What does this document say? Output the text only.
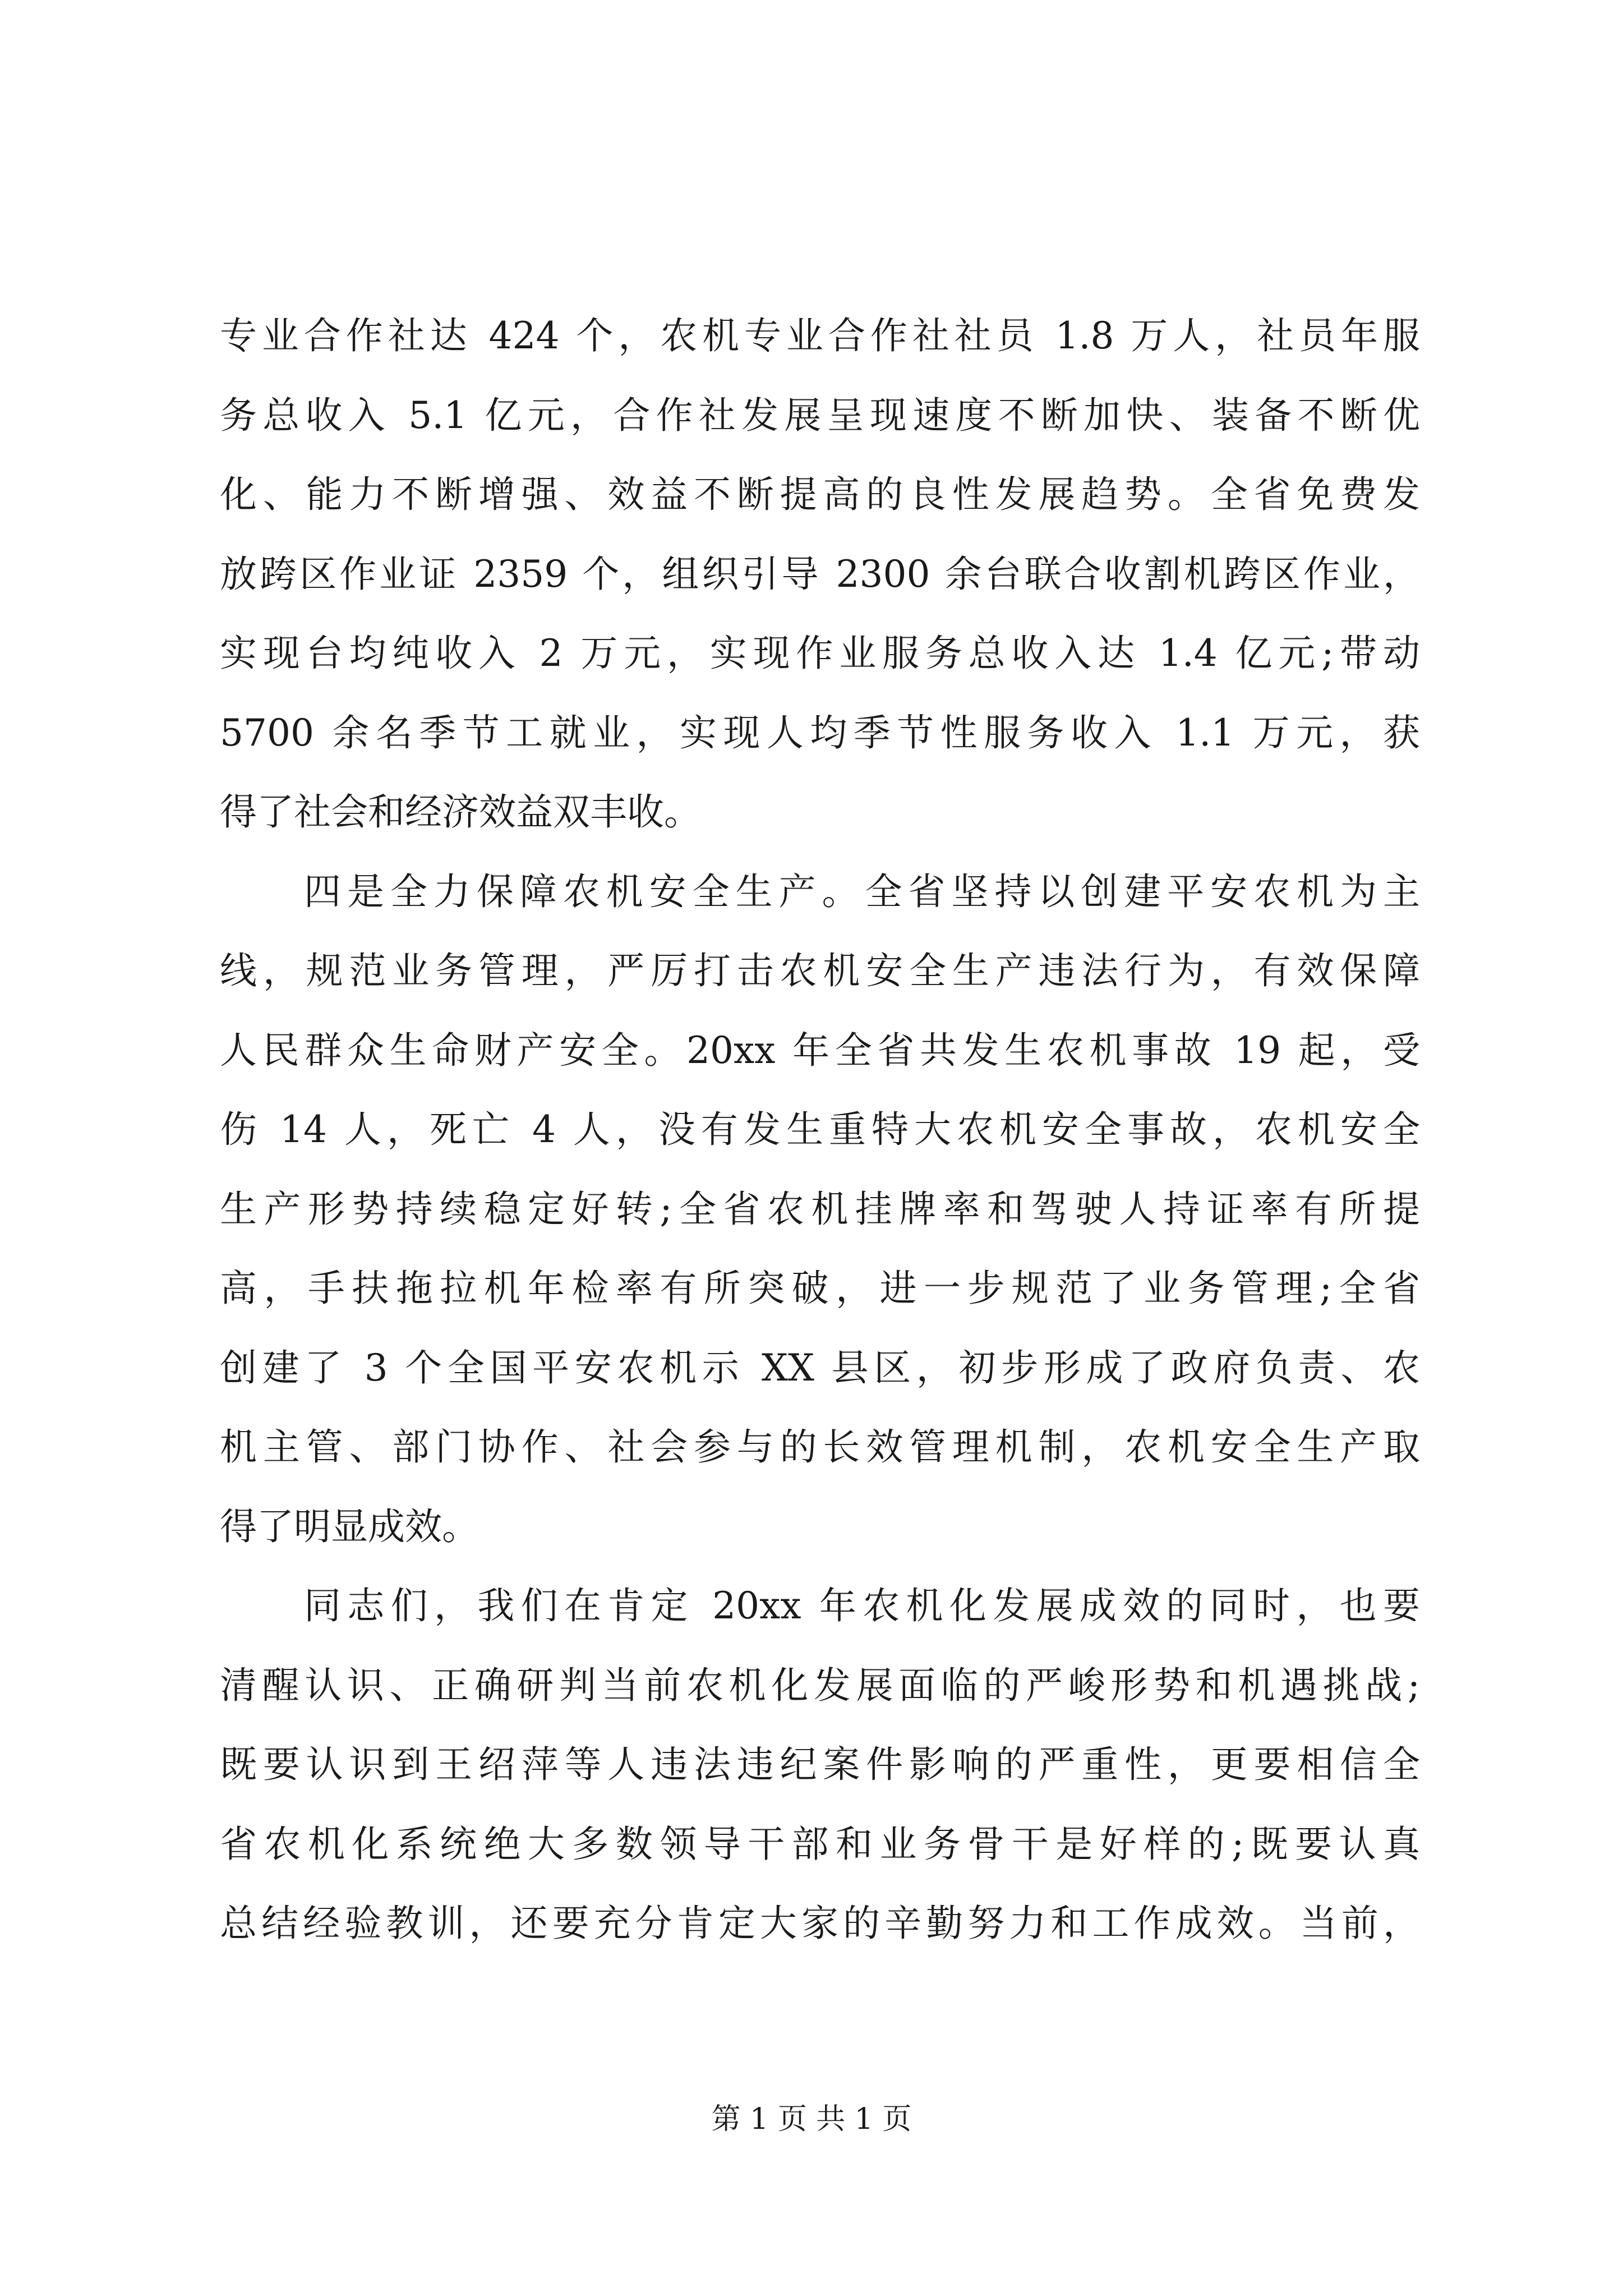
专业合作社达 424 个，农机专业合作社社员 1.8 万人，社员年服
务总收入 5.1 亿元，合作社发展呈现速度不断加快、装备不断优
化、能力不断增强、效益不断提高的良性发展趋势。全省免费发
放跨区作业证 2359 个，组织引导 2300 余台联合收割机跨区作业，
实现台均纯收入 2 万元，实现作业服务总收入达 1.4 亿元;带动
5700 余名季节工就业，实现人均季节性服务收入 1.1 万元，获
得了社会和经济效益双丰收。
四是全力保障农机安全生产。全省坚持以创建平安农机为主
线，规范业务管理，严厉打击农机安全生产违法行为，有效保障
人民群众生命财产安全。20xx 年全省共发生农机事故 19 起，受
伤 14 人，死亡 4 人，没有发生重特大农机安全事故，农机安全
生产形势持续稳定好转;全省农机挂牌率和驾驶人持证率有所提
高，手扶拖拉机年检率有所突破，进一步规范了业务管理;全省
创建了 3 个全国平安农机示 XX 县区，初步形成了政府负责、农
机主管、部门协作、社会参与的长效管理机制，农机安全生产取
得了明显成效。
同志们，我们在肯定 20xx 年农机化发展成效的同时，也要
清醒认识、正确研判当前农机化发展面临的严峻形势和机遇挑战;
既要认识到王绍萍等人违法违纪案件影响的严重性，更要相信全
省农机化系统绝大多数领导干部和业务骨干是好样的;既要认真
总结经验教训，还要充分肯定大家的辛勤努力和工作成效。当前，
第 1 页 共 1 页
